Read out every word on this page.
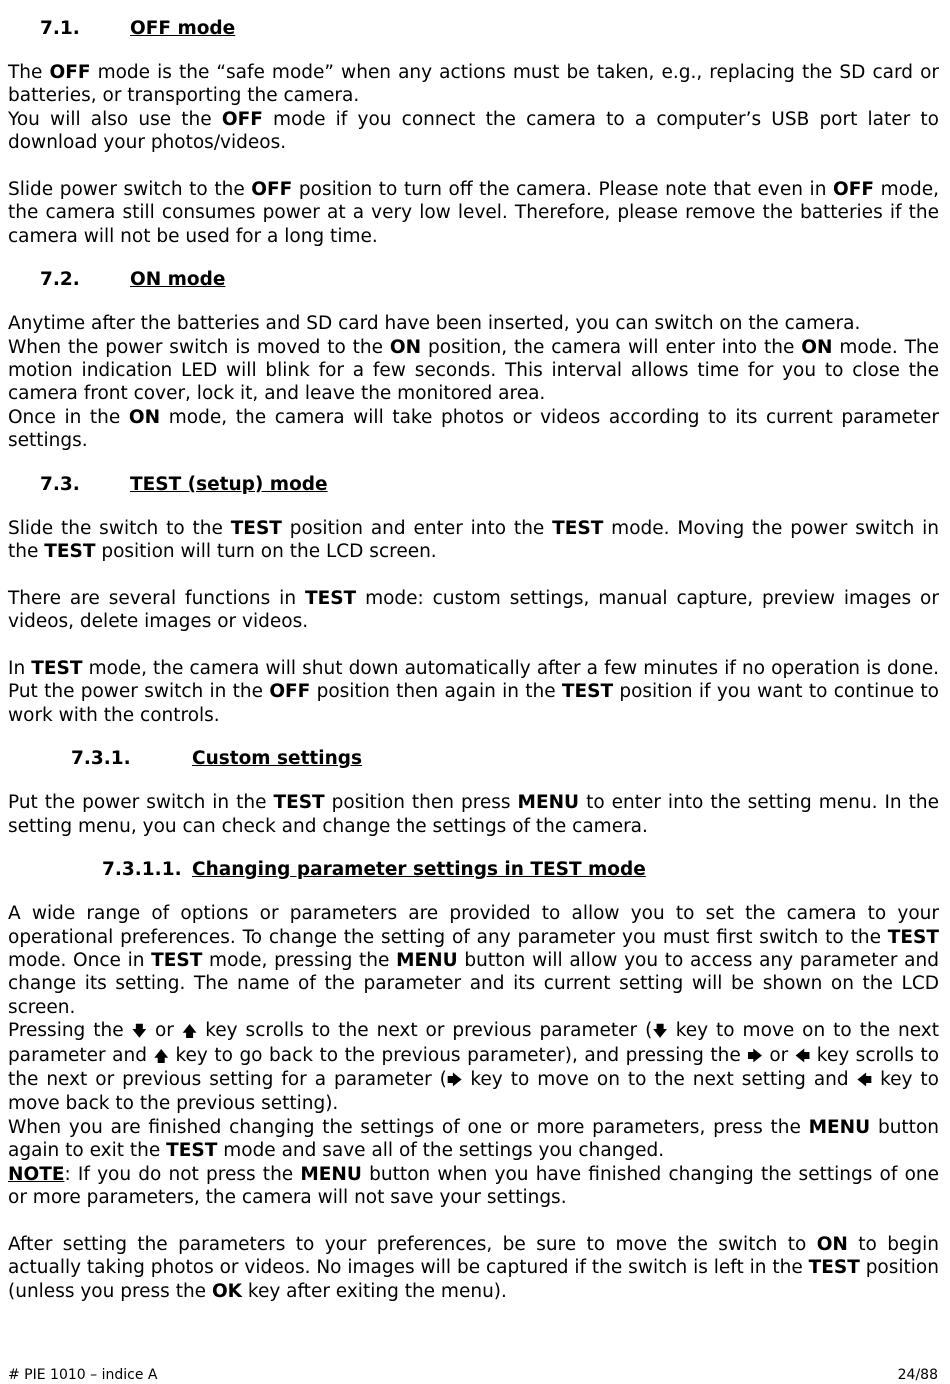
7.1.	OFF mode

The OFF mode is the “safe mode” when any actions must be taken, e.g., replacing the SD card or batteries, or transporting the camera.

You will also use the OFF mode if you connect the camera to a computer’s USB port later to download your photos/videos.

Slide power switch to the OFF position to turn off the camera. Please note that even in OFF mode, the camera still consumes power at a very low level. Therefore, please remove the batteries if the camera will not be used for a long time.

7.2.	ON mode

Anytime after the batteries and SD card have been inserted, you can switch on the camera.

When the power switch is moved to the ON position, the camera will enter into the ON mode. The motion indication LED will blink for a few seconds. This interval allows time for you to close the camera front cover, lock it, and leave the monitored area.

Once in the ON mode, the camera will take photos or videos according to its current parameter settings.

7.3.	TEST (setup) mode

Slide the switch to the TEST position and enter into the TEST mode. Moving the power switch in the TEST position will turn on the LCD screen.

There are several functions in TEST mode: custom settings, manual capture, preview images or videos, delete images or videos.

In TEST mode, the camera will shut down automatically after a few minutes if no operation is done. Put the power switch in the OFF position then again in the TEST position if you want to continue to work with the controls.

7.3.1.	Custom settings

Put the power switch in the TEST position then press MENU to enter into the setting menu. In the setting menu, you can check and change the settings of the camera.

7.3.1.1. Changing parameter settings in TEST mode

A wide range of options or parameters are provided to allow you to set the camera to your operational preferences. To change the setting of any parameter you must first switch to the TEST mode. Once in TEST mode, pressing the MENU button will allow you to access any parameter and change its setting. The name of the parameter and its current setting will be shown on the LCD screen.

Pressing the 🡇 or 🡅 key scrolls to the next or previous parameter (🡇 key to move on to the next parameter and 🡅 key to go back to the previous parameter), and pressing the 🡆 or 🡄 key scrolls to the next or previous setting for a parameter (🡆 key to move on to the next setting and 🡄 key to move back to the previous setting).

When you are finished changing the settings of one or more parameters, press the MENU button again to exit the TEST mode and save all of the settings you changed.

NOTE: If you do not press the MENU button when you have finished changing the settings of one or more parameters, the camera will not save your settings.

After setting the parameters to your preferences, be sure to move the switch to ON to begin actually taking photos or videos. No images will be captured if the switch is left in the TEST position (unless you press the OK key after exiting the menu).

# PIE 1010 – indice A	24/88
